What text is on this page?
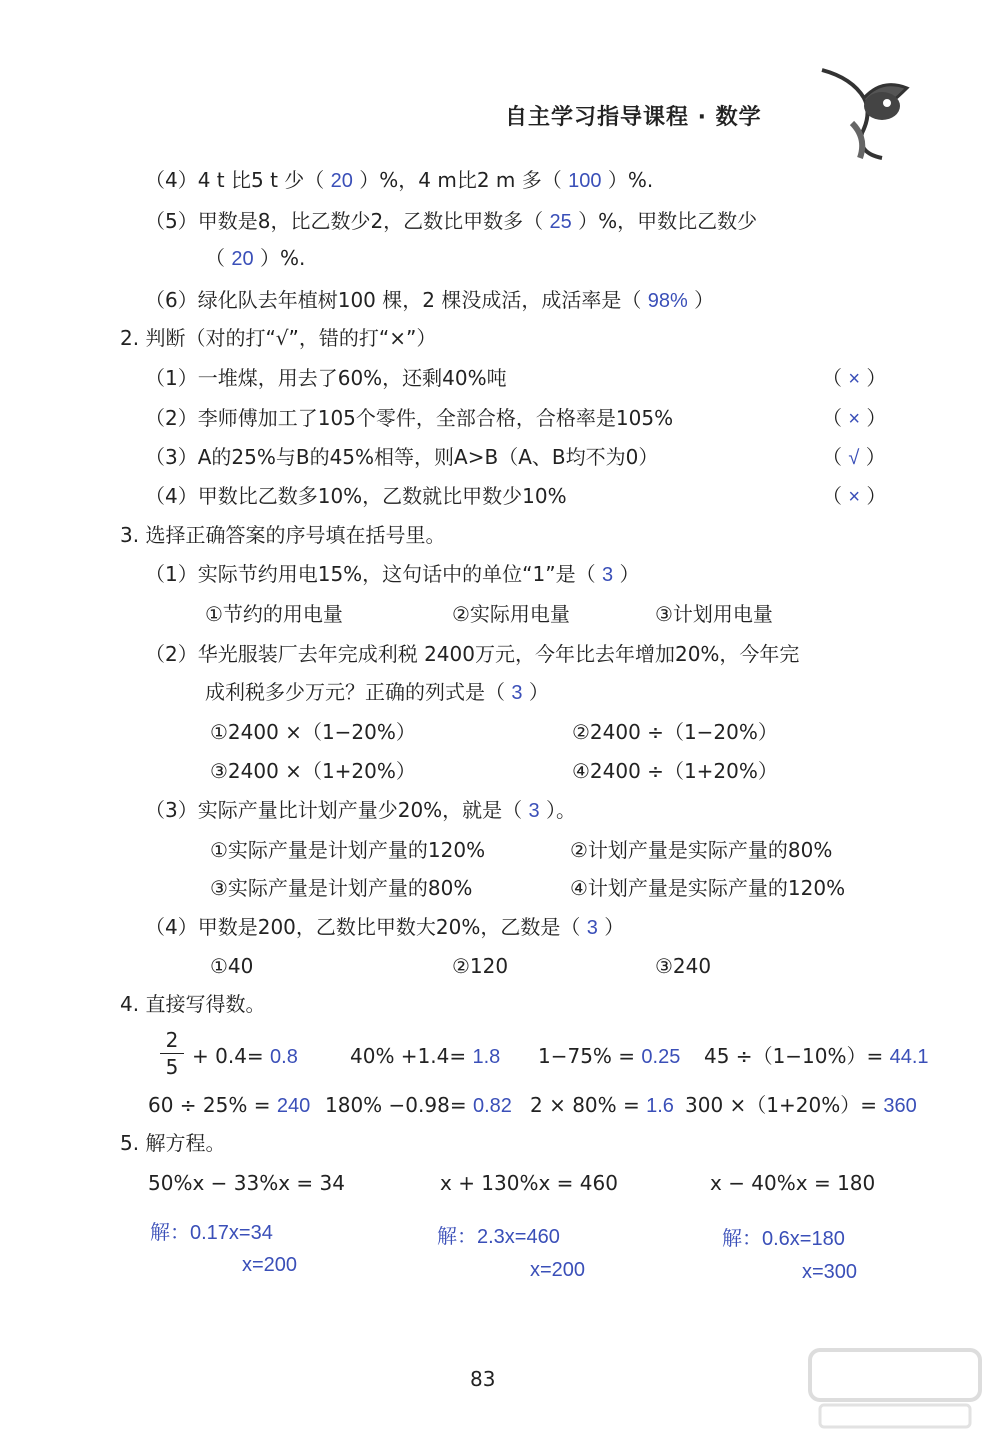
自主学习指导课程 · 数学
（4）4 t 比5 t 少（ 20 ）%，4 m比2 m 多（ 100 ）%.
（5）甲数是8，比乙数少2，乙数比甲数多（ 25 ）%，甲数比乙数少
（ 20 ）%.
（6）绿化队去年植树100 棵，2 棵没成活，成活率是（ 98% ）
2. 判断（对的打“√”，错的打“×”）
（1）一堆煤，用去了60%，还剩40%吨	（ × ）
（2）李师傅加工了105个零件，全部合格，合格率是105%	（ × ）
（3）A的25%与B的45%相等，则A>B（A、B均不为0）	（ √ ）
（4）甲数比乙数多10%，乙数就比甲数少10%	（ × ）
3. 选择正确答案的序号填在括号里。
（1）实际节约用电15%，这句话中的单位“1”是（ 3 ）
①节约的用电量	②实际用电量	③计划用电量
（2）华光服装厂去年完成利税 2400万元，今年比去年增加20%，今年完
成利税多少万元？正确的列式是（ 3 ）
①2400 ×（1−20%）	②2400 ÷（1−20%）
③2400 ×（1+20%）	④2400 ÷（1+20%）
（3）实际产量比计划产量少20%，就是（ 3 ）。
①实际产量是计划产量的120%	②计划产量是实际产量的80%
③实际产量是计划产量的80%	④计划产量是实际产量的120%
（4）甲数是200，乙数比甲数大20%，乙数是（ 3 ）
①40	②120	③240
4. 直接写得数。
2
5 + 0.4= 0.8	40% +1.4= 1.8 1−75% = 0.25 45 ÷（1−10%）= 44.1
60 ÷ 25% = 240 180% −0.98= 0.82 2 × 80% = 1.6 300 ×（1+20%）= 360
5. 解方程。
50%x − 33%x = 34	x + 130%x = 460	x − 40%x = 180
解：0.17x=34
x=200
解：2.3x=460
x=200
解：0.6x=180
x=300
83
